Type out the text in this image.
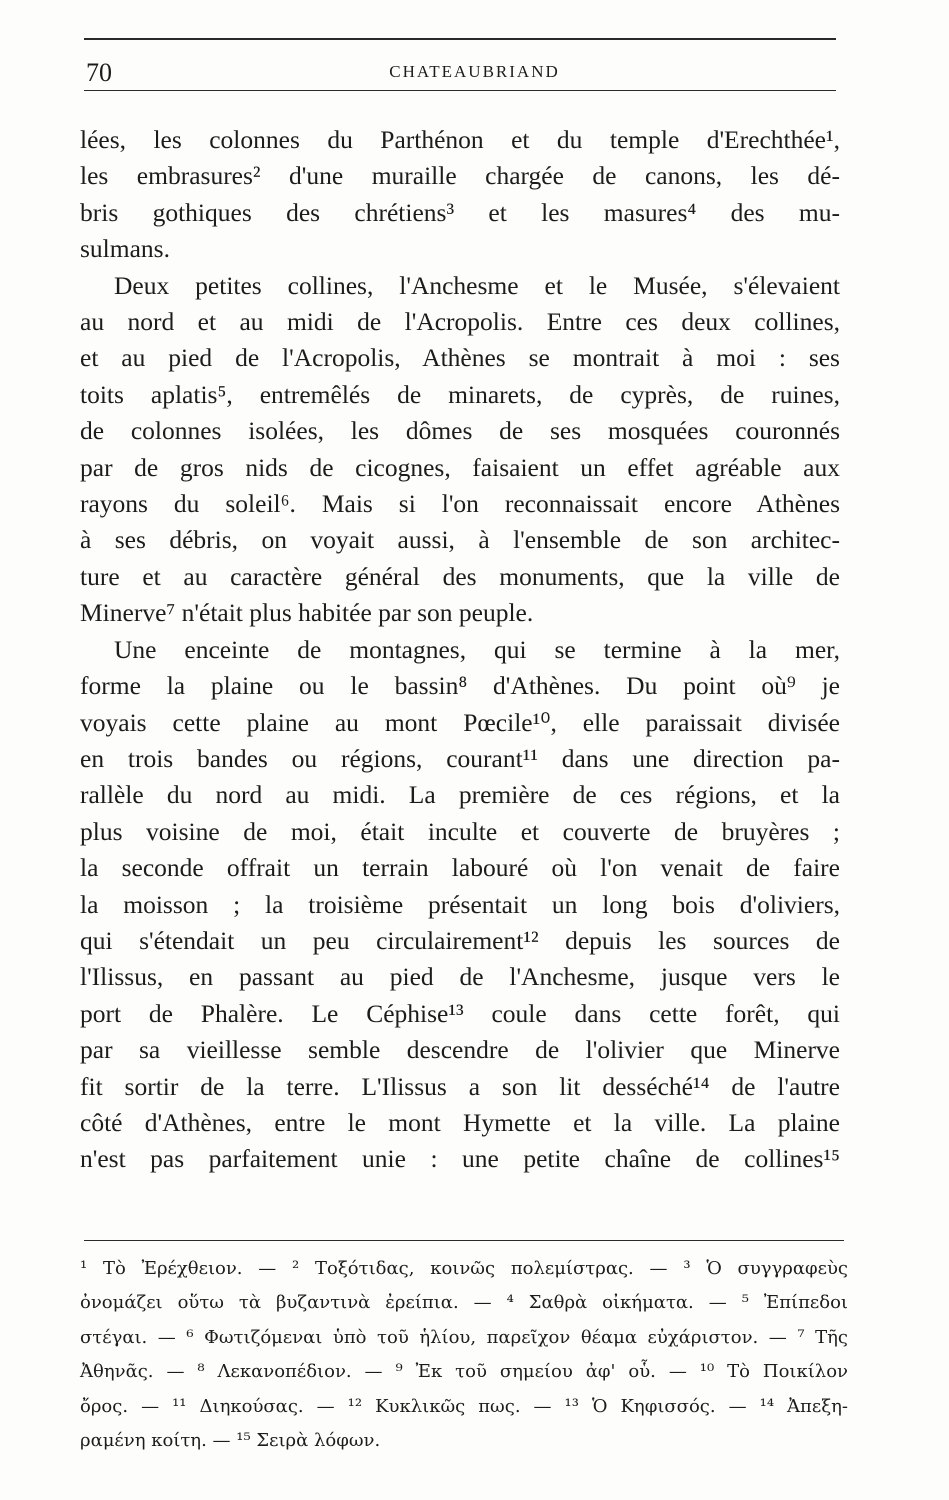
70	CHATEAUBRIAND
lées, les colonnes du Parthénon et du temple d'Erechthée¹,
les embrasures² d'une muraille chargée de canons, les dé-
bris gothiques des chrétiens³ et les masures⁴ des mu-
sulmans.
Deux petites collines, l'Anchesme et le Musée, s'élevaient
au nord et au midi de l'Acropolis. Entre ces deux collines,
et au pied de l'Acropolis, Athènes se montrait à moi : ses
toits aplatis⁵, entremêlés de minarets, de cyprès, de ruines,
de colonnes isolées, les dômes de ses mosquées couronnés
par de gros nids de cicognes, faisaient un effet agréable aux
rayons du soleil⁶. Mais si l'on reconnaissait encore Athènes
à ses débris, on voyait aussi, à l'ensemble de son architec-
ture et au caractère général des monuments, que la ville de
Minerve⁷ n'était plus habitée par son peuple.
Une enceinte de montagnes, qui se termine à la mer,
forme la plaine ou le bassin⁸ d'Athènes. Du point où⁹ je
voyais cette plaine au mont Pœcile¹⁰, elle paraissait divisée
en trois bandes ou régions, courant¹¹ dans une direction pa-
rallèle du nord au midi. La première de ces régions, et la
plus voisine de moi, était inculte et couverte de bruyères ;
la seconde offrait un terrain labouré où l'on venait de faire
la moisson ; la troisième présentait un long bois d'oliviers,
qui s'étendait un peu circulairement¹² depuis les sources de
l'Ilissus, en passant au pied de l'Anchesme, jusque vers le
port de Phalère. Le Céphise¹³ coule dans cette forêt, qui
par sa vieillesse semble descendre de l'olivier que Minerve
fit sortir de la terre. L'Ilissus a son lit desséché¹⁴ de l'autre
côté d'Athènes, entre le mont Hymette et la ville. La plaine
n'est pas parfaitement unie : une petite chaîne de collines¹⁵
¹ Τὸ Ἐρέχθειον. — ² Τοξότιδας, κοινῶς πολεμίστρας. — ³ Ὁ συγγραφεὺς
ὀνομάζει οὕτω τὰ βυζαντινὰ ἐρείπια. — ⁴ Σαθρὰ οἰκήματα. — ⁵ Ἐπίπεδοι
στέγαι. — ⁶ Φωτιζόμεναι ὑπὸ τοῦ ἡλίου, παρεῖχον θέαμα εὐχάριστον. — ⁷ Τῆς
Ἀθηνᾶς. — ⁸ Λεκανοπέδιον. — ⁹ Ἐκ τοῦ σημείου ἀφ' οὗ. — ¹⁰ Τὸ Ποικίλον
ὄρος. — ¹¹ Διηκούσας. — ¹² Κυκλικῶς πως. — ¹³ Ὁ Κηφισσός. — ¹⁴ Ἀπεξη-
ραμένη κοίτη. — ¹⁵ Σειρὰ λόφων.
